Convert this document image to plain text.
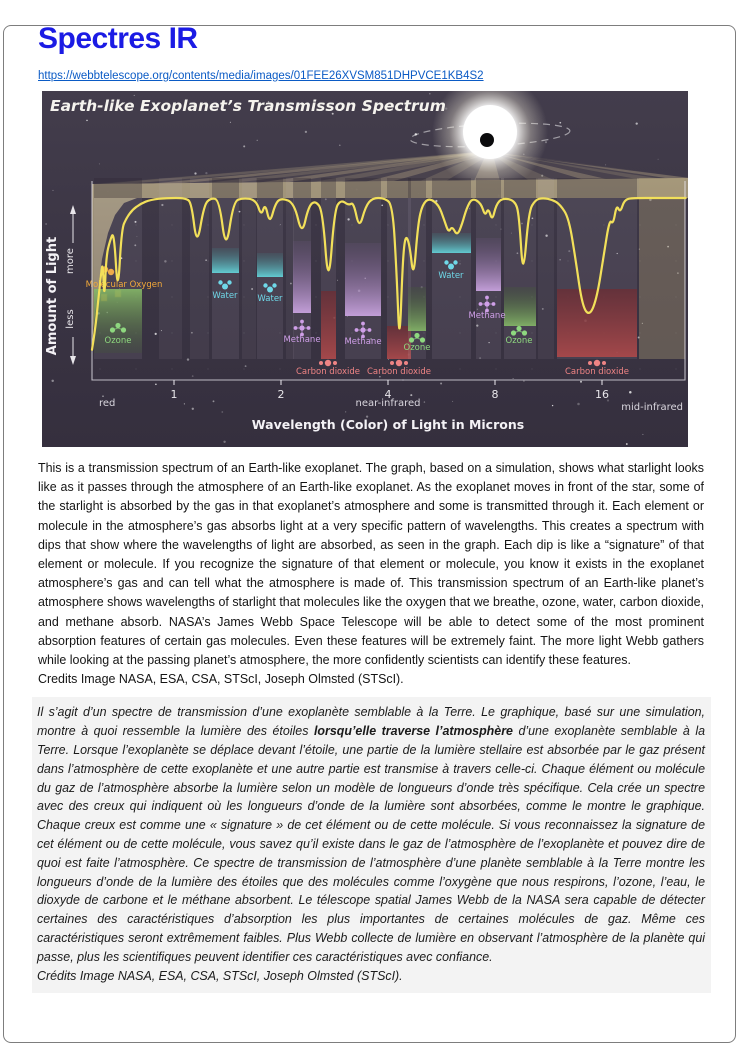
Spectres IR
https://webbtelescope.org/contents/media/images/01FEE26XVSM851DHPVCE1KB4S2
Molecular Oxygen
Ozone
Water Water
Methane
Carbon dioxide
Methane
Carbon dioxide
Ozone
Water
Methane
Ozone
Carbon dioxide
1	2	4	8	16
red	near-infrared	mid-infrared
Wavelength (Color) of Light in Microns
Amount of Light more
less
Earth-like Exoplanet’s Transmisson Spectrum

This is a transmission spectrum of an Earth-like exoplanet. The graph, based on a simulation, shows what starlight looks like as it passes through the atmosphere of an Earth-like exoplanet. As the exoplanet moves in front of the star, some of the starlight is absorbed by the gas in that exoplanet’s atmosphere and some is transmitted through it. Each element or molecule in the atmosphere’s gas absorbs light at a very specific pattern of wavelengths. This creates a spectrum with dips that show where the wavelengths of light are absorbed, as seen in the graph. Each dip is like a “signature” of that element or molecule. If you recognize the signature of that element or molecule, you know it exists in the exoplanet atmosphere’s gas and can tell what the atmosphere is made of. This transmission spectrum of an Earth-like planet’s atmosphere shows wavelengths of starlight that molecules like the oxygen that we breathe, ozone, water, carbon dioxide, and methane absorb. NASA’s James Webb Space Telescope will be able to detect some of the most prominent absorption features of certain gas molecules. Even these features will be extremely faint. The more light Webb gathers while looking at the passing planet’s atmosphere, the more confidently scientists can identify these features.
Credits Image NASA, ESA, CSA, STScI, Joseph Olmsted (STScI).

Il s’agit d’un spectre de transmission d’une exoplanète semblable à la Terre. Le graphique, basé sur une simulation, montre à quoi ressemble la lumière des étoiles lorsqu’elle traverse l’atmosphère d’une exoplanète semblable à la Terre. Lorsque l’exoplanète se déplace devant l’étoile, une partie de la lumière stellaire est absorbée par le gaz présent dans l’atmosphère de cette exoplanète et une autre partie est transmise à travers celle-ci. Chaque élément ou molécule du gaz de l’atmosphère absorbe la lumière selon un modèle de longueurs d’onde très spécifique. Cela crée un spectre avec des creux qui indiquent où les longueurs d’onde de la lumière sont absorbées, comme le montre le graphique. Chaque creux est comme une « signature » de cet élément ou de cette molécule. Si vous reconnaissez la signature de cet élément ou de cette molécule, vous savez qu’il existe dans le gaz de l’atmosphère de l’exoplanète et pouvez dire de quoi est faite l’atmosphère. Ce spectre de transmission de l’atmosphère d’une planète semblable à la Terre montre les longueurs d’onde de la lumière des étoiles que des molécules comme l’oxygène que nous respirons, l’ozone, l’eau, le dioxyde de carbone et le méthane absorbent. Le télescope spatial James Webb de la NASA sera capable de détecter certaines des caractéristiques d’absorption les plus importantes de certaines molécules de gaz. Même ces caractéristiques seront extrêmement faibles. Plus Webb collecte de lumière en observant l’atmosphère de la planète qui passe, plus les scientifiques peuvent identifier ces caractéristiques avec confiance.
Crédits Image NASA, ESA, CSA, STScI, Joseph Olmsted (STScI).
